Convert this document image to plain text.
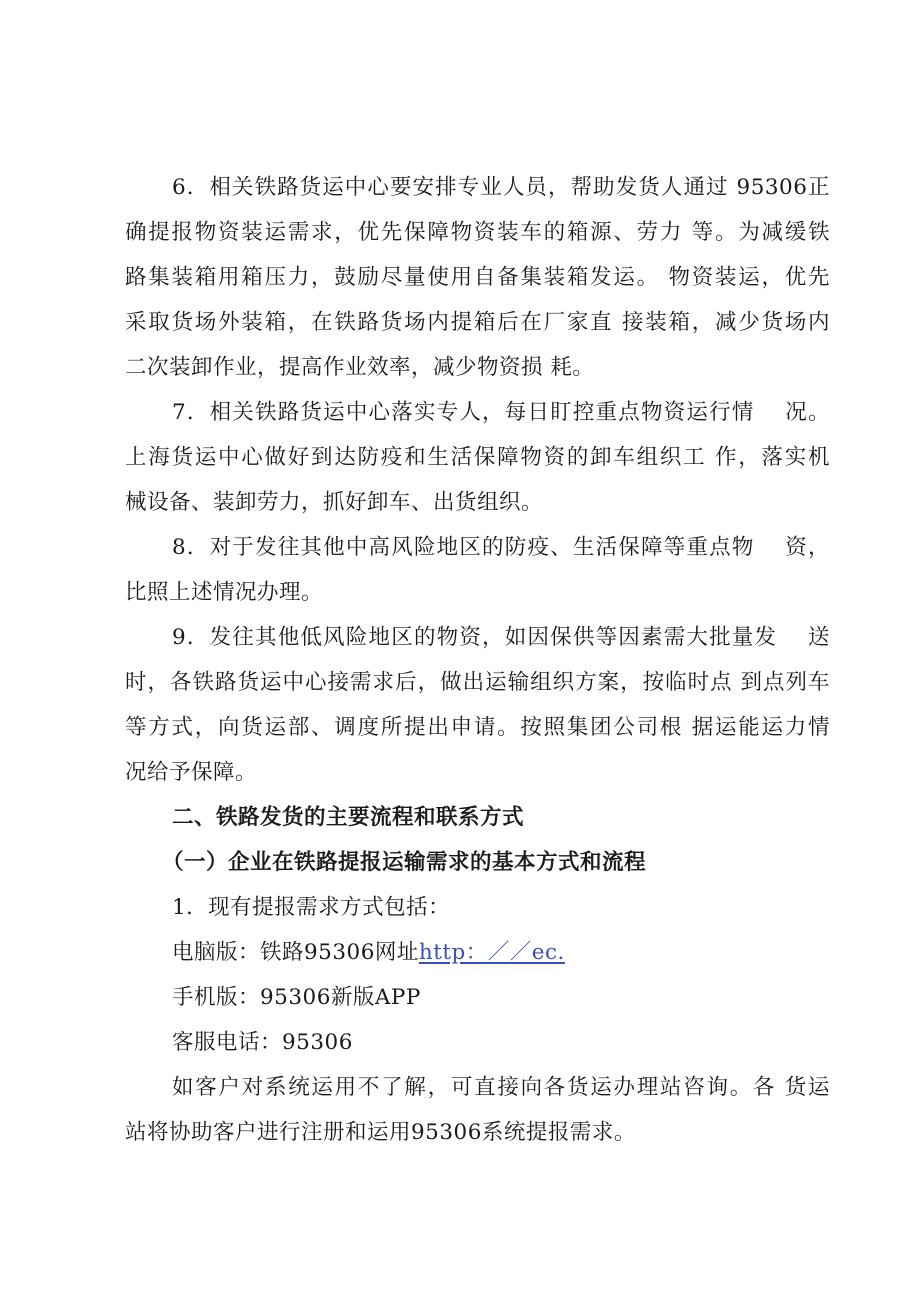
6．相关铁路货运中心要安排专业人员，帮助发货人通过 95306正
确提报物资装运需求，优先保障物资装车的箱源、劳力 等。为减缓铁
路集装箱用箱压力，鼓励尽量使用自备集装箱发运。 物资装运，优先
采取货场外装箱，在铁路货场内提箱后在厂家直 接装箱，减少货场内
二次装卸作业，提高作业效率，减少物资损 耗。
7．相关铁路货运中心落实专人，每日盯控重点物资运行情　 况。
上海货运中心做好到达防疫和生活保障物资的卸车组织工 作，落实机
械设备、装卸劳力，抓好卸车、出货组织。
8．对于发往其他中高风险地区的防疫、生活保障等重点物　 资，
比照上述情况办理。
9．发往其他低风险地区的物资，如因保供等因素需大批量发　 送
时，各铁路货运中心接需求后，做出运输组织方案，按临时点 到点列车
等方式，向货运部、调度所提出申请。按照集团公司根 据运能运力情
况给予保障。
二、铁路发货的主要流程和联系方式
（一）企业在铁路提报运输需求的基本方式和流程
1．现有提报需求方式包括：
电脑版：铁路95306网址http：／／ec.
手机版：95306新版APP
客服电话：95306
如客户对系统运用不了解，可直接向各货运办理站咨询。各 货运
站将协助客户进行注册和运用95306系统提报需求。
